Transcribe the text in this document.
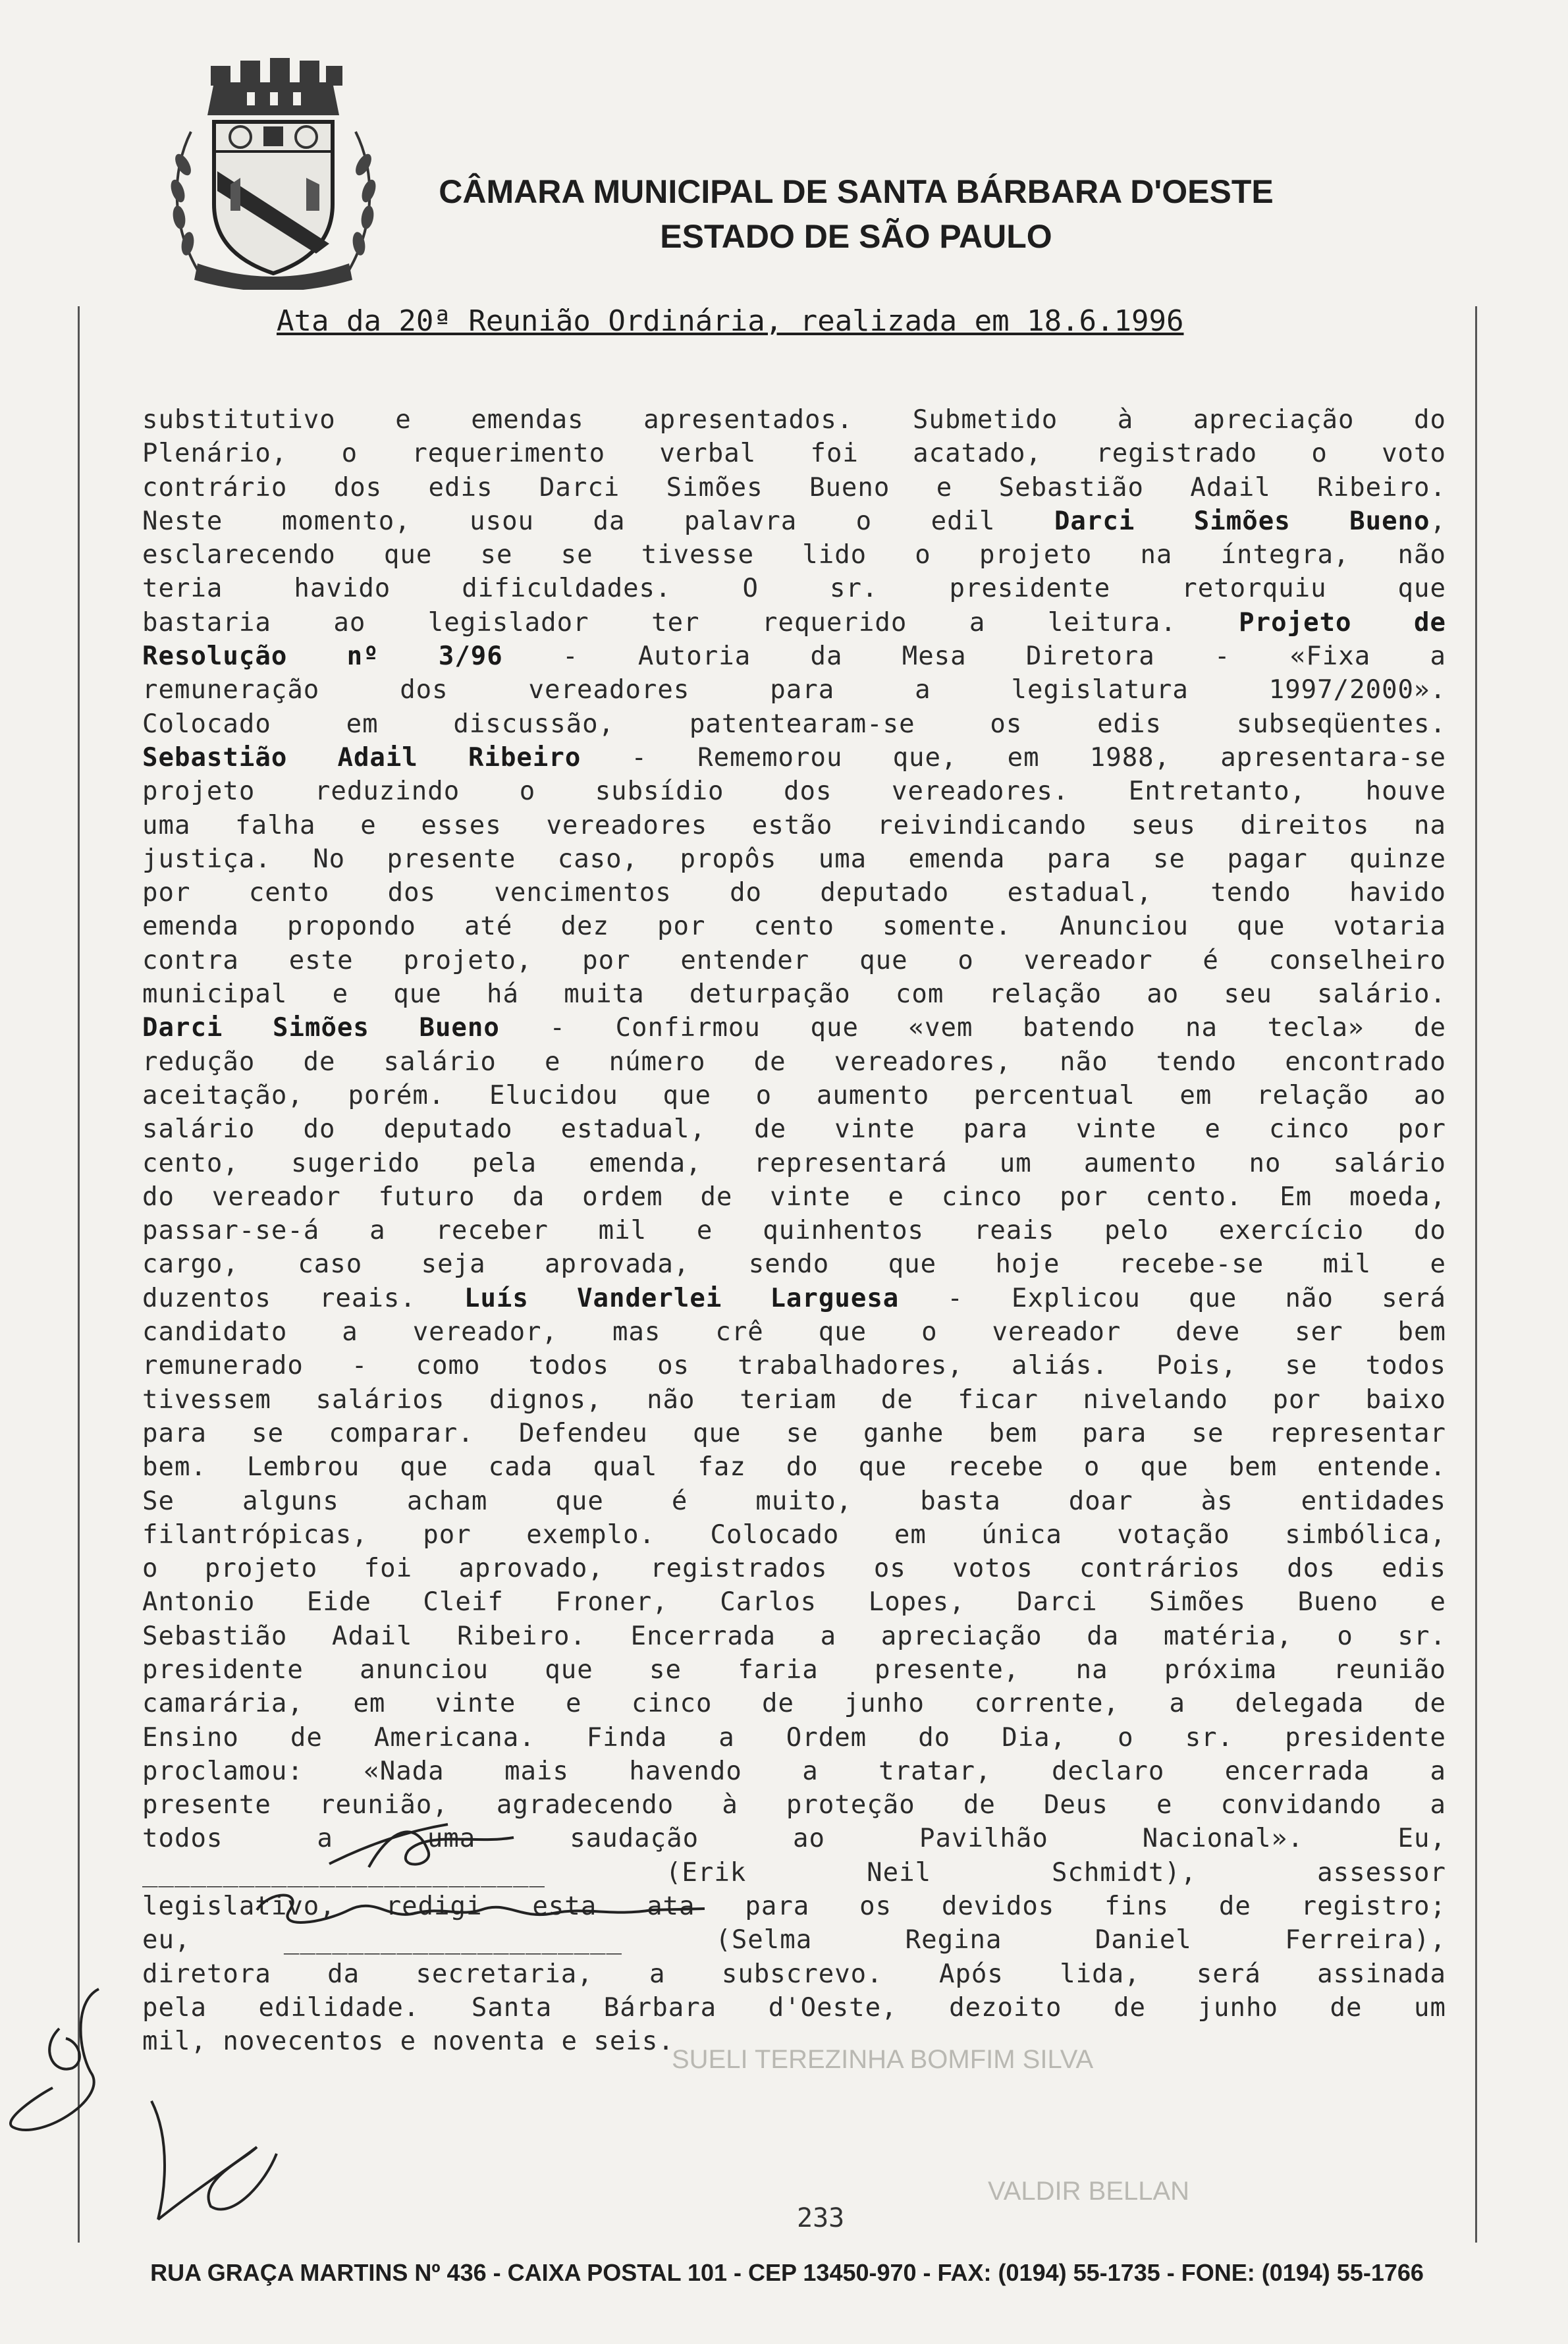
CÂMARA MUNICIPAL DE SANTA BÁRBARA D'OESTE
ESTADO DE SÃO PAULO
Ata da 20ª Reunião Ordinária, realizada em 18.6.1996
SUELI TEREZINHA BOMFIM SILVA
VALDIR BELLAN
substitutivo e emendas apresentados. Submetido à apreciação do
Plenário, o requerimento verbal foi acatado, registrado o voto
contrário dos edis Darci Simões Bueno e Sebastião Adail Ribeiro.
Neste momento, usou da palavra o edil Darci Simões Bueno,
esclarecendo que se se tivesse lido o projeto na íntegra, não
teria havido dificuldades. O sr. presidente retorquiu que
bastaria ao legislador ter requerido a leitura. Projeto de
Resolução nº 3/96 - Autoria da Mesa Diretora - «Fixa a
remuneração dos vereadores para a legislatura 1997/2000».
Colocado em discussão, patentearam-se os edis subseqüentes.
Sebastião Adail Ribeiro - Rememorou que, em 1988, apresentara-se
projeto reduzindo o subsídio dos vereadores. Entretanto, houve
uma falha e esses vereadores estão reivindicando seus direitos na
justiça. No presente caso, propôs uma emenda para se pagar quinze
por cento dos vencimentos do deputado estadual, tendo havido
emenda propondo até dez por cento somente. Anunciou que votaria
contra este projeto, por entender que o vereador é conselheiro
municipal e que há muita deturpação com relação ao seu salário.
Darci Simões Bueno - Confirmou que «vem batendo na tecla» de
redução de salário e número de vereadores, não tendo encontrado
aceitação, porém. Elucidou que o aumento percentual em relação ao
salário do deputado estadual, de vinte para vinte e cinco por
cento, sugerido pela emenda, representará um aumento no salário
do vereador futuro da ordem de vinte e cinco por cento. Em moeda,
passar-se-á a receber mil e quinhentos reais pelo exercício do
cargo, caso seja aprovada, sendo que hoje recebe-se mil e
duzentos reais. Luís Vanderlei Larguesa - Explicou que não será
candidato a vereador, mas crê que o vereador deve ser bem
remunerado - como todos os trabalhadores, aliás. Pois, se todos
tivessem salários dignos, não teriam de ficar nivelando por baixo
para se comparar. Defendeu que se ganhe bem para se representar
bem. Lembrou que cada qual faz do que recebe o que bem entende.
Se alguns acham que é muito, basta doar às entidades
filantrópicas, por exemplo. Colocado em única votação simbólica,
o projeto foi aprovado, registrados os votos contrários dos edis
Antonio Eide Cleif Froner, Carlos Lopes, Darci Simões Bueno e
Sebastião Adail Ribeiro. Encerrada a apreciação da matéria, o sr.
presidente anunciou que se faria presente, na próxima reunião
camarária, em vinte e cinco de junho corrente, a delegada de
Ensino de Americana. Finda a Ordem do Dia, o sr. presidente
proclamou: «Nada mais havendo a tratar, declaro encerrada a
presente reunião, agradecendo à proteção de Deus e convidando a
todos a uma saudação ao Pavilhão Nacional». Eu,
_________________________ (Erik Neil Schmidt), assessor
legislativo, redigi esta ata para os devidos fins de registro;
eu, _____________________ (Selma Regina Daniel Ferreira),
diretora da secretaria, a subscrevo. Após lida, será assinada
pela edilidade. Santa Bárbara d'Oeste, dezoito de junho de um
mil, novecentos e noventa e seis.
233
RUA GRAÇA MARTINS Nº 436 - CAIXA POSTAL 101 - CEP 13450-970 - FAX: (0194) 55-1735 - FONE: (0194) 55-1766
